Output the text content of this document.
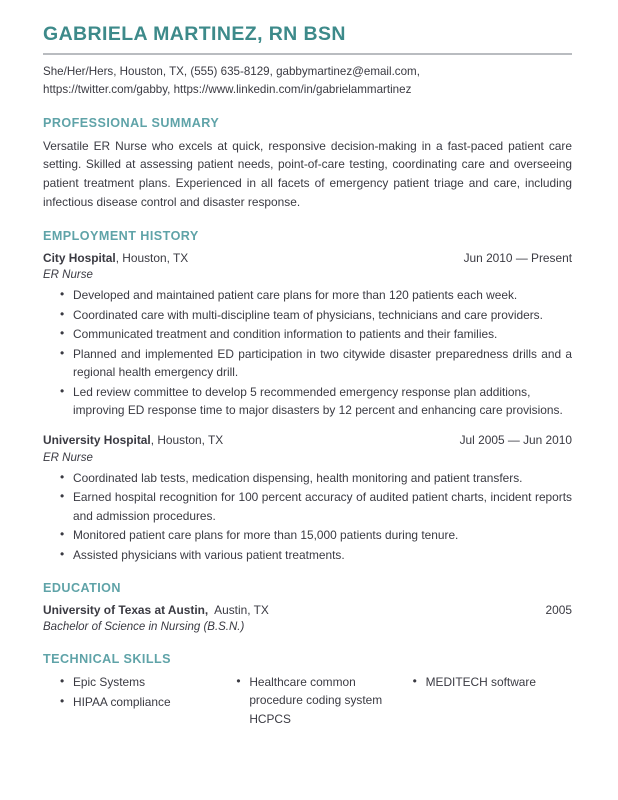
GABRIELA MARTINEZ, RN BSN
She/Her/Hers, Houston, TX, (555) 635-8129, gabbymartinez@email.com,
https://twitter.com/gabby, https://www.linkedin.com/in/gabrielammartinez
PROFESSIONAL SUMMARY

Versatile ER Nurse who excels at quick, responsive decision-making in a fast-paced patient care setting. Skilled at assessing patient needs, point-of-care testing, coordinating care and overseeing patient treatment plans. Experienced in all facets of emergency patient triage and care, including infectious disease control and disaster response.

EMPLOYMENT HISTORY
City Hospital, Houston, TX	Jun 2010 — Present
ER Nurse
• Developed and maintained patient care plans for more than 120 patients each week.
• Coordinated care with multi-discipline team of physicians, technicians and care providers.
• Communicated treatment and condition information to patients and their families.
• Planned and implemented ED participation in two citywide disaster preparedness drills and a regional health emergency drill.
• Led review committee to develop 5 recommended emergency response plan additions, improving ED response time to major disasters by 12 percent and enhancing care provisions.
University Hospital, Houston, TX	Jul 2005 — Jun 2010
ER Nurse
• Coordinated lab tests, medication dispensing, health monitoring and patient transfers.
• Earned hospital recognition for 100 percent accuracy of audited patient charts, incident reports and admission procedures.
• Monitored patient care plans for more than 15,000 patients during tenure.
• Assisted physicians with various patient treatments.
EDUCATION
University of Texas at Austin,  Austin, TX	2005
Bachelor of Science in Nursing (B.S.N.)
TECHNICAL SKILLS
• Epic Systems
• HIPAA compliance
• Healthcare common procedure coding system HCPCS
• MEDITECH software
